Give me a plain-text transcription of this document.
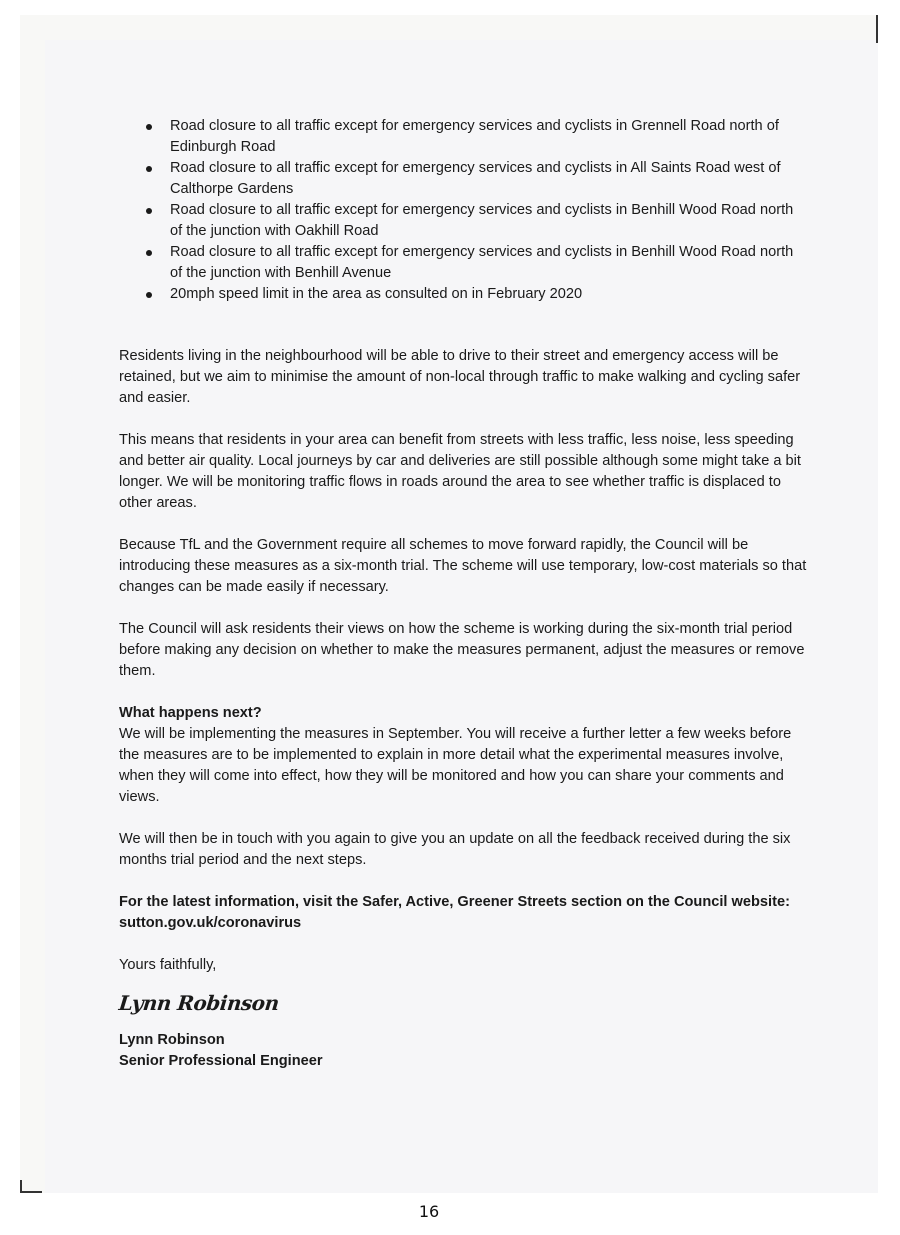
Road closure to all traffic except for emergency services and cyclists in Grennell Road north of Edinburgh Road
Road closure to all traffic except for emergency services and cyclists in All Saints Road west of Calthorpe Gardens
Road closure to all traffic except for emergency services and cyclists in Benhill Wood Road north of the junction with Oakhill Road
Road closure to all traffic except for emergency services and cyclists in Benhill Wood Road north of the junction with Benhill Avenue
20mph speed limit in the area as consulted on in February 2020

Residents living in the neighbourhood will be able to drive to their street and emergency access will be retained, but we aim to minimise the amount of non-local through traffic to make walking and cycling safer and easier.

This means that residents in your area can benefit from streets with less traffic, less noise, less speeding and better air quality. Local journeys by car and deliveries are still possible although some might take a bit longer. We will be monitoring traffic flows in roads around the area to see whether traffic is displaced to other areas.

Because TfL and the Government require all schemes to move forward rapidly, the Council will be introducing these measures as a six-month trial. The scheme will use temporary, low-cost materials so that changes can be made easily if necessary.

The Council will ask residents their views on how the scheme is working during the six-month trial period before making any decision on whether to make the measures permanent, adjust the measures or remove them.

What happens next?

We will be implementing the measures in September. You will receive a further letter a few weeks before the measures are to be implemented to explain in more detail what the experimental measures involve, when they will come into effect, how they will be monitored and how you can share your comments and views.

We will then be in touch with you again to give you an update on all the feedback received during the six months trial period and the next steps.

For the latest information, visit the Safer, Active, Greener Streets section on the Council website: sutton.gov.uk/coronavirus

Yours faithfully,

Lynn Robinson

Lynn Robinson

Senior Professional Engineer

16
